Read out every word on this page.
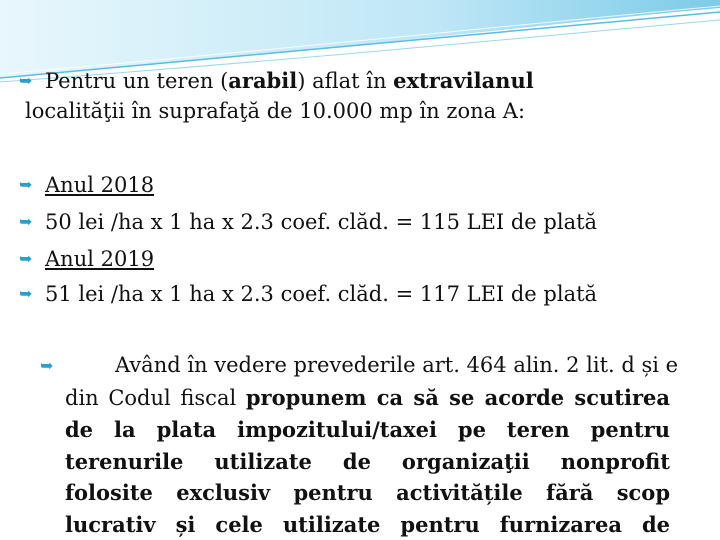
➥ Pentru un teren (arabil) aflat în extravilanul
localităţii în suprafaţă de 10.000 mp în zona A:
➥ Anul 2018
➥ 50 lei /ha x 1 ha x 2.3 coef. clăd. = 115 LEI de plată
➥ Anul 2019
➥ 51 lei /ha x 1 ha x 2.3 coef. clăd. = 117 LEI de plată
➥	Având în vedere prevederile art. 464 alin. 2 lit. d și e
din Codul fiscal propunem ca să se acorde scutirea
de la plata impozitului/taxei pe teren pentru
terenurile utilizate de organizaţii nonprofit
folosite exclusiv pentru activitățile fără scop
lucrativ și cele utilizate pentru furnizarea de
